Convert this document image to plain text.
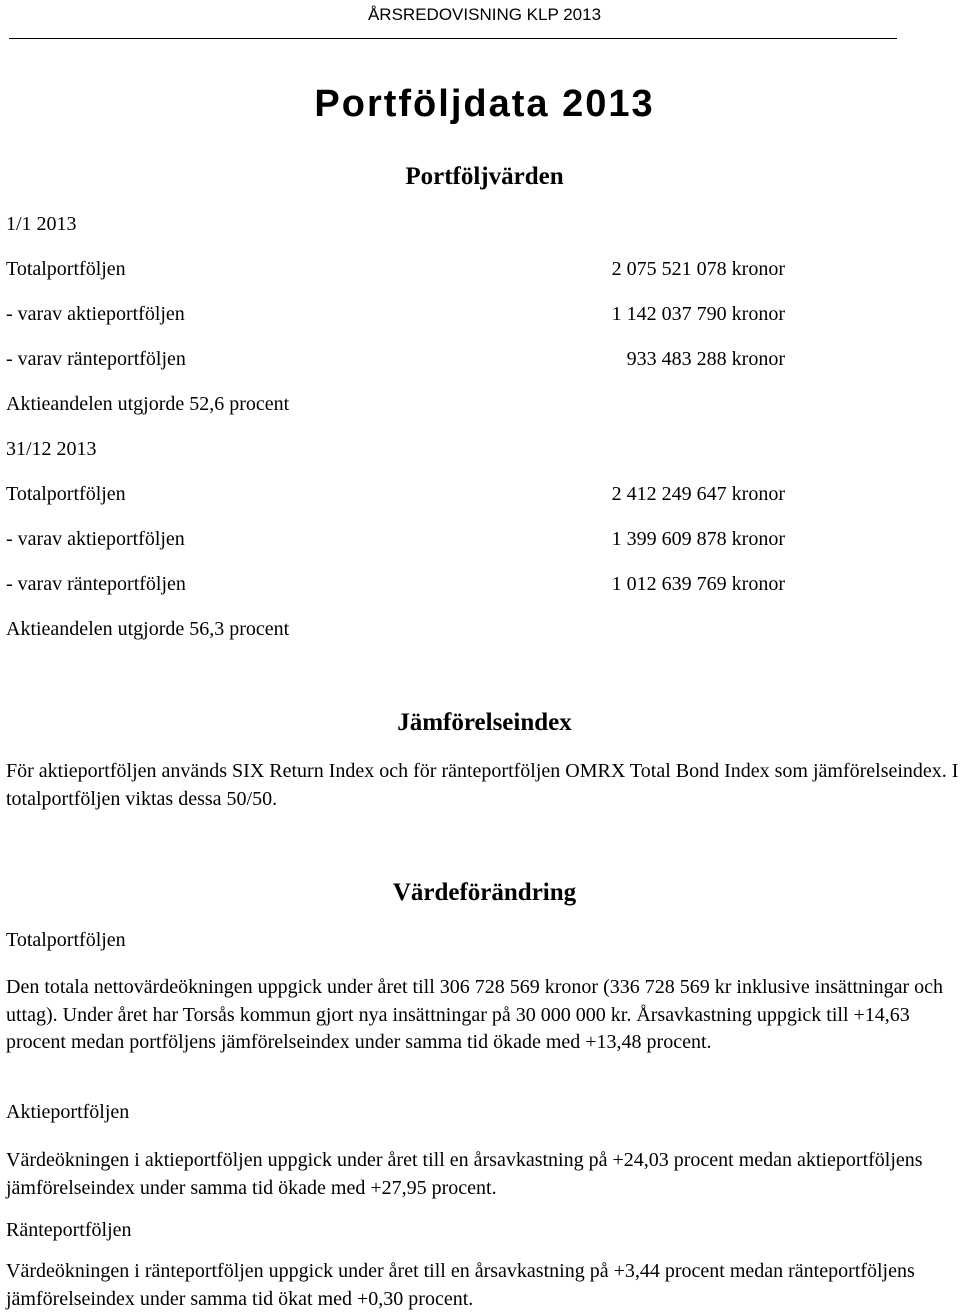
ÅRSREDOVISNING KLP 2013
Portföljdata 2013
Portföljvärden
1/1 2013
Totalportföljen	2 075 521 078 kronor
- varav aktieportföljen	1 142 037 790 kronor
- varav ränteportföljen	933 483 288 kronor
Aktieandelen utgjorde 52,6 procent
31/12 2013
Totalportföljen	2 412 249 647 kronor
- varav aktieportföljen	1 399 609 878 kronor
- varav ränteportföljen	1 012 639 769 kronor
Aktieandelen utgjorde 56,3 procent
Jämförelseindex
För aktieportföljen används SIX Return Index och för ränteportföljen OMRX Total Bond Index som jämförelseindex. I totalportföljen viktas dessa 50/50.
Värdeförändring
Totalportföljen
Den totala nettovärdeökningen uppgick under året till 306 728 569 kronor (336 728 569 kr inklusive insättningar och uttag). Under året har Torsås kommun gjort nya insättningar på 30 000 000 kr. Årsavkastning uppgick till +14,63 procent medan portföljens jämförelseindex under samma tid ökade med +13,48 procent.
Aktieportföljen
Värdeökningen i aktieportföljen uppgick under året till en årsavkastning på +24,03 procent medan aktieportföljens jämförelseindex under samma tid ökade med +27,95 procent.
Ränteportföljen
Värdeökningen i ränteportföljen uppgick under året till en årsavkastning på +3,44 procent medan ränteportföljens jämförelseindex under samma tid ökat med +0,30 procent.
